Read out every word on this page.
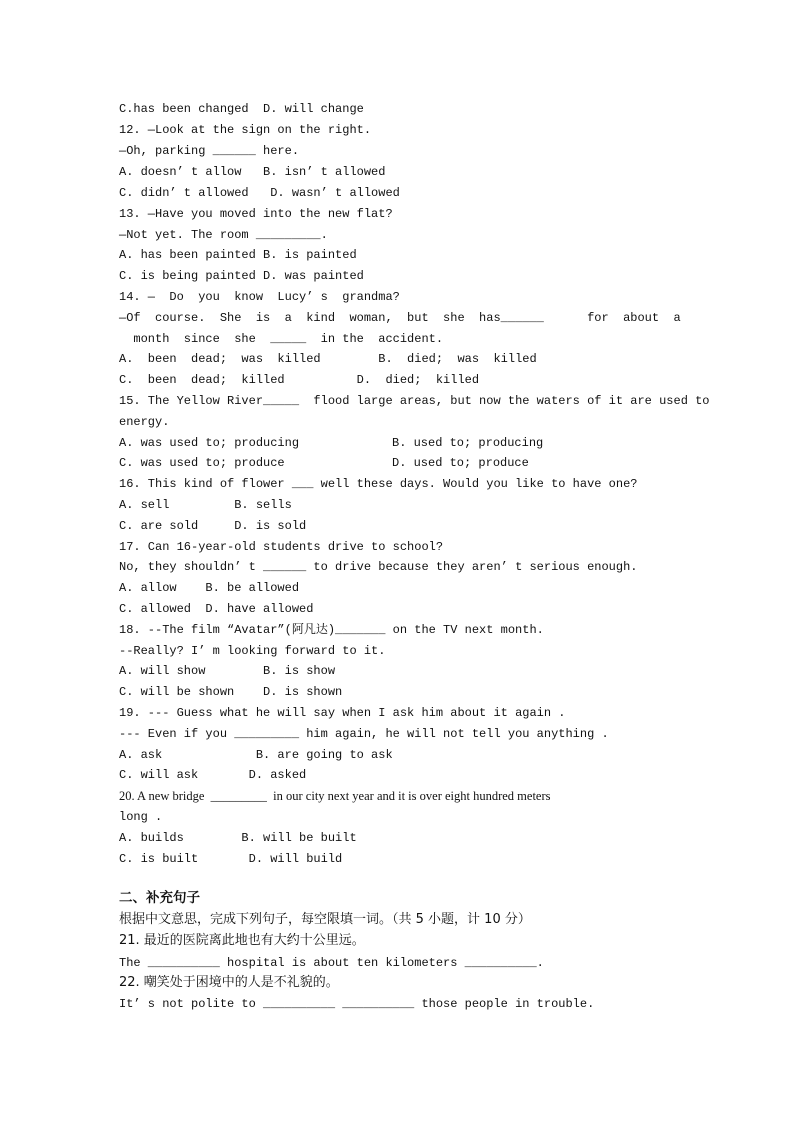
C.has been changed  D. will change
12. —Look at the sign on the right.
—Oh, parking ______ here.
A. doesn’ t allow   B. isn’ t allowed
C. didn’ t allowed   D. wasn’ t allowed
13. —Have you moved into the new flat?
—Not yet. The room _________.
A. has been painted B. is painted
C. is being painted D. was painted
14. —  Do  you  know  Lucy’ s  grandma?
—Of  course.  She  is  a  kind  woman,  but  she  has______      for  about  a
month  since  she  _____  in the  accident.
A.  been  dead;  was  killed        B.  died;  was  killed
C.  been  dead;  killed          D.  died;  killed
15. The Yellow River_____  flood large areas, but now the waters of it are used to
energy.
A. was used to; producing	B. used to; producing
C. was used to; produce	D. used to; produce
16. This kind of flower ___ well these days. Would you like to have one?
A. sell         B. sells
C. are sold     D. is sold
17. Can 16-year-old students drive to school?
No, they shouldn’ t ______ to drive because they aren’ t serious enough.
A. allow    B. be allowed
C. allowed  D. have allowed
18. --The film “Avatar”(阿凡达)_______ on the TV next month.
--Really? I’ m looking forward to it.
A. will show        B. is show
C. will be shown    D. is shown
19. --- Guess what he will say when I ask him about it again .
--- Even if you _________ him again, he will not tell you anything .
A. ask             B. are going to ask
C. will ask       D. asked
20. A new bridge  _________  in our city next year and it is over eight hundred meters
long .
A. builds        B. will be built
C. is built       D. will build
二、补充句子
根据中文意思，完成下列句子，每空限填一词。（共 5 小题，计 10 分）
21. 最近的医院离此地也有大约十公里远。
The __________ hospital is about ten kilometers __________.
22. 嘲笑处于困境中的人是不礼貌的。
It’ s not polite to __________ __________ those people in trouble.
